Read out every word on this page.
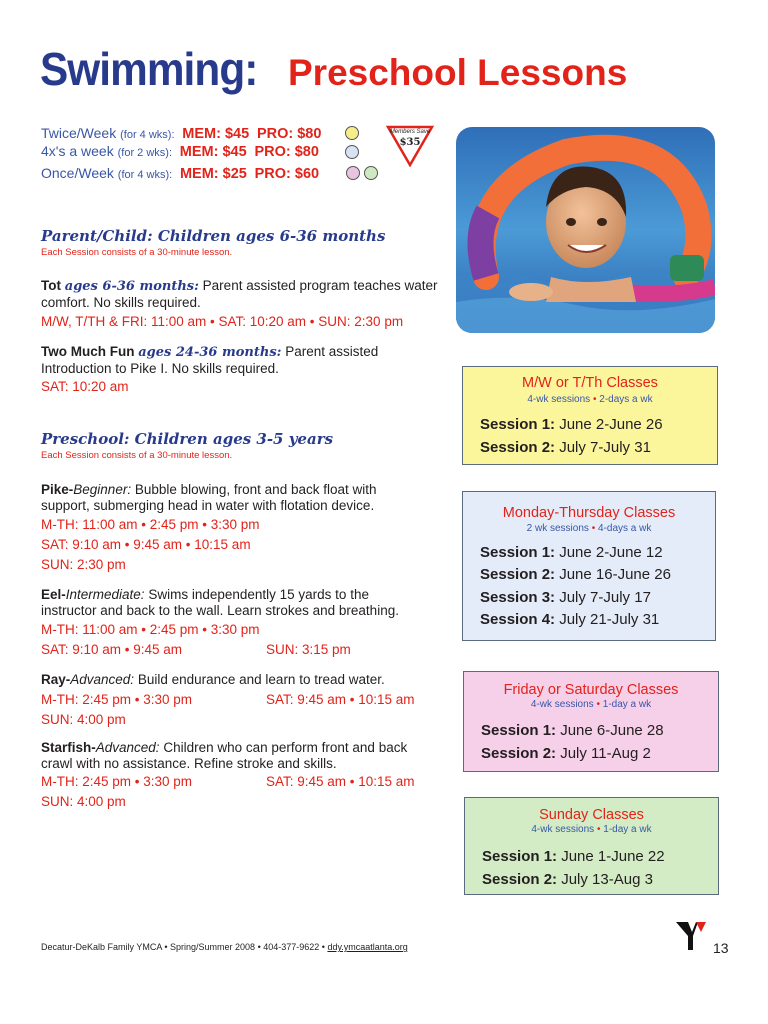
Swimming: Preschool Lessons
Twice/Week (for 4 wks): MEM: $45 PRO: $80
4x's a week (for 2 wks): MEM: $45 PRO: $80
Once/Week (for 4 wks): MEM: $25 PRO: $60
Members Save
$35
Parent/Child: Children ages 6-36 months
Each Session consists of a 30-minute lesson.
Tot ages 6-36 months: Parent assisted program teaches water
comfort. No skills required.
M/W, T/TH & FRI: 11:00 am • SAT: 10:20 am • SUN: 2:30 pm
Two Much Fun ages 24-36 months: Parent assisted
Introduction to Pike I. No skills required.
SAT: 10:20 am
Preschool: Children ages 3-5 years
Each Session consists of a 30-minute lesson.
Pike-Beginner: Bubble blowing, front and back float with
support, submerging head in water with flotation device.
M-TH: 11:00 am • 2:45 pm • 3:30 pm
SAT: 9:10 am • 9:45 am • 10:15 am
SUN: 2:30 pm
Eel-Intermediate: Swims independently 15 yards to the
instructor and back to the wall. Learn strokes and breathing.
M-TH: 11:00 am • 2:45 pm • 3:30 pm
SAT: 9:10 am • 9:45 am	SUN: 3:15 pm
Ray-Advanced: Build endurance and learn to tread water.
M-TH: 2:45 pm • 3:30 pm	SAT: 9:45 am • 10:15 am
SUN: 4:00 pm
Starfish-Advanced: Children who can perform front and back
crawl with no assistance. Refine stroke and skills.
M-TH: 2:45 pm • 3:30 pm	SAT: 9:45 am • 10:15 am
SUN: 4:00 pm
M/W or T/Th Classes
4-wk sessions • 2-days a wk
Session 1: June 2-June 26
Session 2: July 7-July 31
Monday-Thursday Classes
2 wk sessions • 4-days a wk
Session 1: June 2-June 12
Session 2: June 16-June 26
Session 3: July 7-July 17
Session 4: July 21-July 31
Friday or Saturday Classes
4-wk sessions • 1-day a wk
Session 1: June 6-June 28
Session 2: July 11-Aug 2
Sunday Classes
4-wk sessions • 1-day a wk
Session 1: June 1-June 22
Session 2: July 13-Aug 3
Decatur-DeKalb Family YMCA • Spring/Summer 2008 • 404-377-9622 • ddy.ymcaatlanta.org	13
